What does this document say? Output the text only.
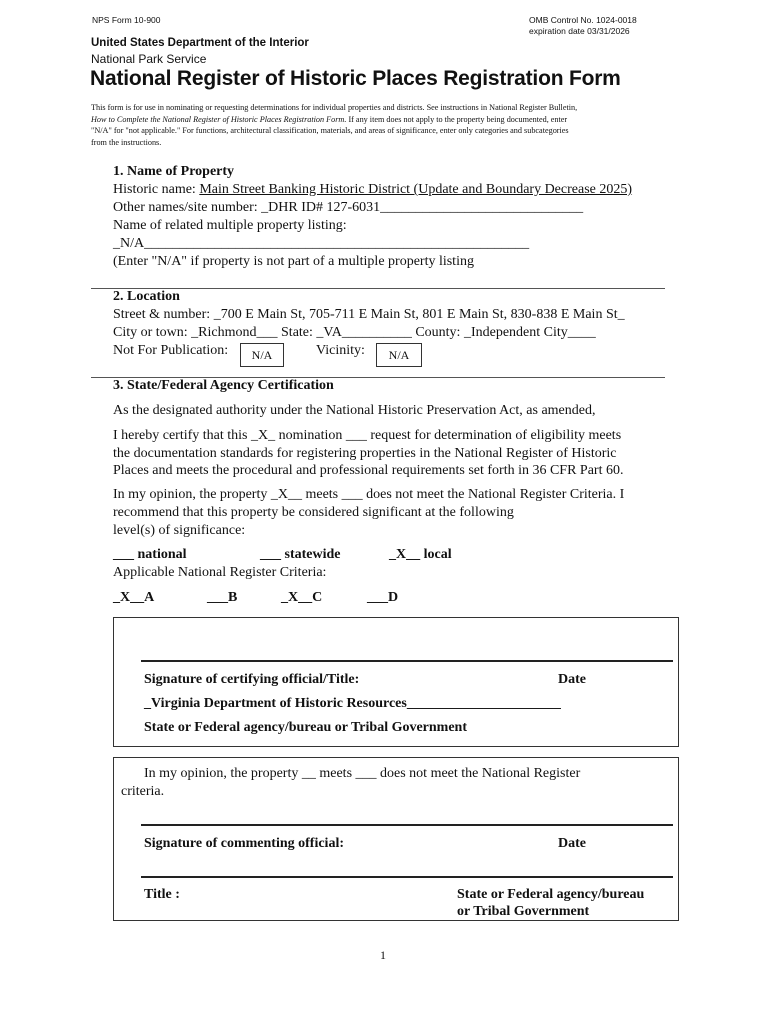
NPS Form 10-900	OMB Control No. 1024-0018
expiration date 03/31/2026
United States Department of the Interior
National Park Service
National Register of Historic Places Registration Form
This form is for use in nominating or requesting determinations for individual properties and districts. See instructions in National Register Bulletin,
How to Complete the National Register of Historic Places Registration Form. If any item does not apply to the property being documented, enter
"N/A" for "not applicable." For functions, architectural classification, materials, and areas of significance, enter only categories and subcategories
from the instructions.
1. Name of Property
Historic name: Main Street Banking Historic District (Update and Boundary Decrease 2025)
Other names/site number: _DHR ID# 127-6031_____________________________
Name of related multiple property listing:
_N/A_______________________________________________________
(Enter "N/A" if property is not part of a multiple property listing
2. Location
Street & number: _700 E Main St, 705-711 E Main St, 801 E Main St, 830-838 E Main St_
City or town: _Richmond___ State: _VA__________ County: _Independent City____
Not For Publication:	N/A	Vicinity:	N/A
3. State/Federal Agency Certification
As the designated authority under the National Historic Preservation Act, as amended,
I hereby certify that this _X_ nomination ___ request for determination of eligibility meets
the documentation standards for registering properties in the National Register of Historic
Places and meets the procedural and professional requirements set forth in 36 CFR Part 60.
In my opinion, the property _X__ meets ___ does not meet the National Register Criteria. I
recommend that this property be considered significant at the following
level(s) of significance:
___ national	___ statewide	_X__ local
Applicable National Register Criteria:
_X__A	___B	_X__C	___D
Signature of certifying official/Title:	Date
_Virginia Department of Historic Resources______________________
State or Federal agency/bureau or Tribal Government
In my opinion, the property __ meets ___ does not meet the National Register
criteria.
Signature of commenting official:	Date
Title :	State or Federal agency/bureau
or Tribal Government
1
